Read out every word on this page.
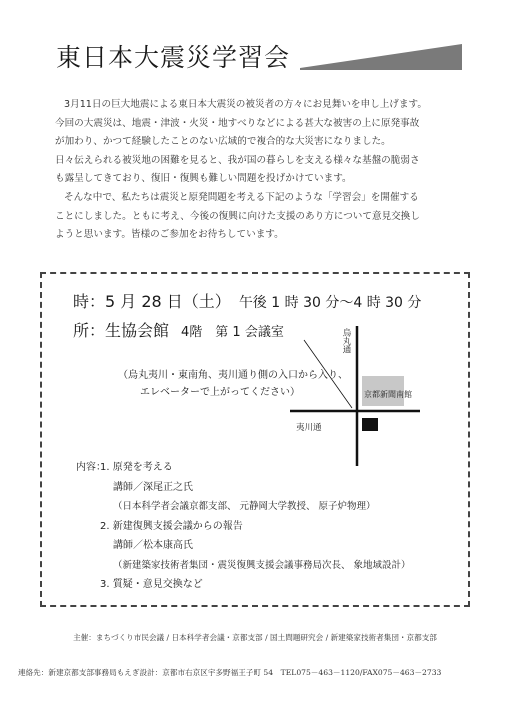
東日本大震災学習会

3月11日の巨大地震による東日本大震災の被災者の方々にお見舞いを申し上げます。

今回の大震災は、地震・津波・火災・地すべりなどによる甚大な被害の上に原発事故

が加わり、かつて経験したことのない広域的で複合的な大災害になりました。

日々伝えられる被災地の困難を見ると、我が国の暮らしを支える様々な基盤の脆弱さ

も露呈してきており、復旧・復興も難しい問題を投げかけています。

そんな中で、私たちは震災と原発問題を考える下記のような「学習会」を開催する

ことにしました。ともに考え、今後の復興に向けた支援のあり方について意見交換し

ようと思います。皆様のご参加をお待ちしています。

時：5 月 28 日（土） 午後 1 時 30 分～4 時 30 分
所：生協会館 4階　第 1 会議室

（烏丸夷川・東南角、夷川通り側の入口から入り、

エレベーターで上がってください）

烏丸通
京都新聞南館
夷川通
内容：
1. 原発を考える
講師／深尾正之氏
（日本科学者会議京都支部、 元静岡大学教授、 原子炉物理）
2. 新建復興支援会議からの報告
講師／松本康高氏
（新建築家技術者集団・震災復興支援会議事務局次長、 象地域設計）
3. 質疑・意見交換など
主催：まちづくり市民会議 / 日本科学者会議・京都支部 / 国土問題研究会 / 新建築家技術者集団・京都支部
連絡先：新建京都支部事務局もえぎ設計：京都市右京区宇多野福王子町 54　TEL075－463－1120/FAX075－463－2733
